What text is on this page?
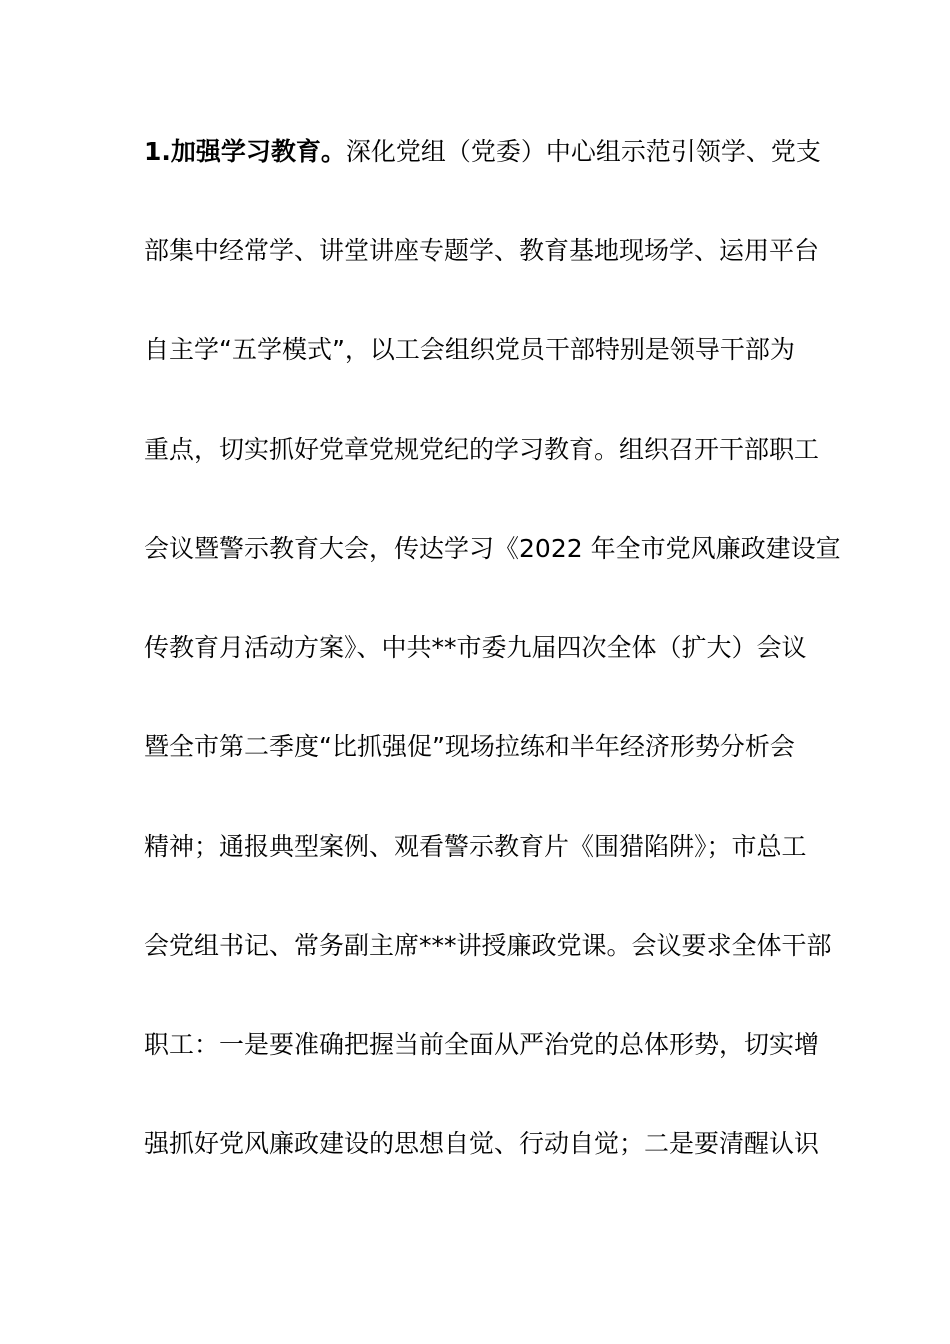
1.加强学习教育。深化党组（党委）中心组示范引领学、党支
部集中经常学、讲堂讲座专题学、教育基地现场学、运用平台
自主学“五学模式”，以工会组织党员干部特别是领导干部为
重点，切实抓好党章党规党纪的学习教育。组织召开干部职工
会议暨警示教育大会，传达学习《2022 年全市党风廉政建设宣
传教育月活动方案》、中共**市委九届四次全体（扩大）会议
暨全市第二季度“比抓强促”现场拉练和半年经济形势分析会
精神；通报典型案例、观看警示教育片《围猎陷阱》；市总工
会党组书记、常务副主席***讲授廉政党课。会议要求全体干部
职工：一是要准确把握当前全面从严治党的总体形势，切实增
强抓好党风廉政建设的思想自觉、行动自觉；二是要清醒认识
